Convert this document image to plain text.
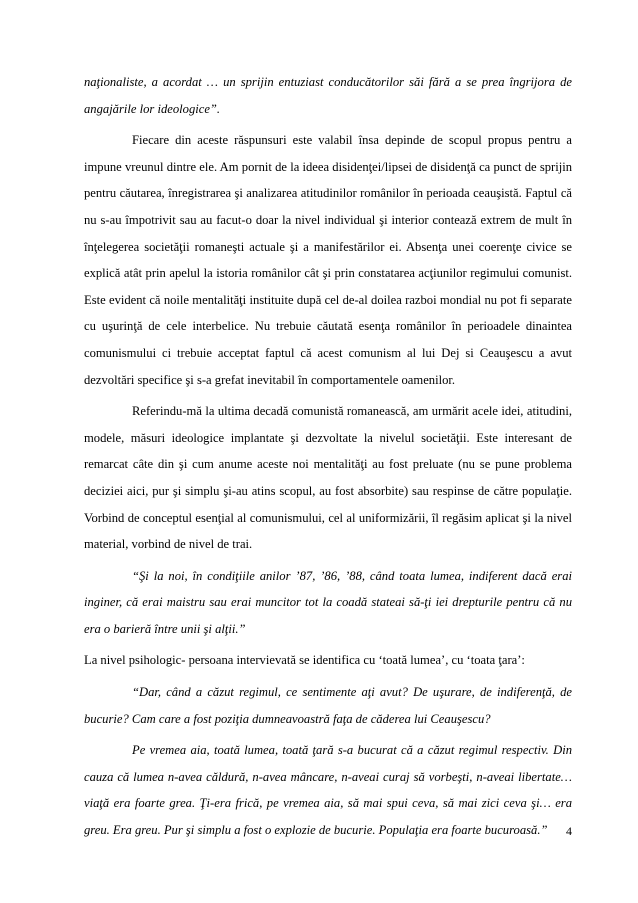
naţionaliste, a acordat … un sprijin entuziast conducătorilor săi fără a se prea îngrijora de angajările lor ideologice”.

Fiecare din aceste răspunsuri este valabil însa depinde de scopul propus pentru a impune vreunul dintre ele. Am pornit de la ideea disidenţei/lipsei de disidenţă ca punct de sprijin pentru căutarea, înregistrarea şi analizarea atitudinilor românilor în perioada ceauşistă. Faptul că nu s-au împotrivit sau au facut-o doar la nivel individual şi interior contează extrem de mult în înţelegerea societăţii romaneşti actuale şi a manifestărilor ei. Absenţa unei coerenţe civice se explică atât prin apelul la istoria românilor cât şi prin constatarea acţiunilor regimului comunist. Este evident că noile mentalităţi instituite după cel de-al doilea razboi mondial nu pot fi separate cu uşurinţă de cele interbelice. Nu trebuie căutată esenţa românilor în perioadele dinaintea comunismului ci trebuie acceptat faptul că acest comunism al lui Dej si Ceauşescu a avut dezvoltări specifice şi s-a grefat inevitabil în comportamentele oamenilor.

Referindu-mă la ultima decadă comunistă romanească, am urmărit acele idei, atitudini, modele, măsuri ideologice implantate şi dezvoltate la nivelul societăţii. Este interesant de remarcat câte din şi cum anume aceste noi mentalităţi au fost preluate (nu se pune problema deciziei aici, pur şi simplu şi-au atins scopul, au fost absorbite) sau respinse de către populaţie. Vorbind de conceptul esenţial al comunismului, cel al uniformizării, îl regăsim aplicat şi la nivel material, vorbind de nivel de trai.

“Şi la noi, în condiţiile anilor ’87, ’86, ’88, când toata lumea, indiferent dacă erai inginer, că erai maistru sau erai muncitor tot la coadă stateai să-ţi iei drepturile pentru că nu era o barieră între unii şi alţii.”

La nivel psihologic- persoana intervievată se identifica cu ‘toată lumea’, cu ‘toata ţara’:

“Dar, când a căzut regimul, ce sentimente aţi avut? De uşurare, de indiferenţă, de bucurie? Cam care a fost poziţia dumneavoastră faţa de căderea lui Ceauşescu?

Pe vremea aia, toată lumea, toată ţară s-a bucurat că a căzut regimul respectiv. Din cauza că lumea n-avea căldură, n-avea mâncare, n-aveai curaj să vorbeşti, n-aveai libertate… viaţă era foarte grea. Ţi-era frică, pe vremea aia, să mai spui ceva, să mai zici ceva şi… era greu. Era greu. Pur şi simplu a fost o explozie de bucurie. Populaţia era foarte bucuroasă.”	4
